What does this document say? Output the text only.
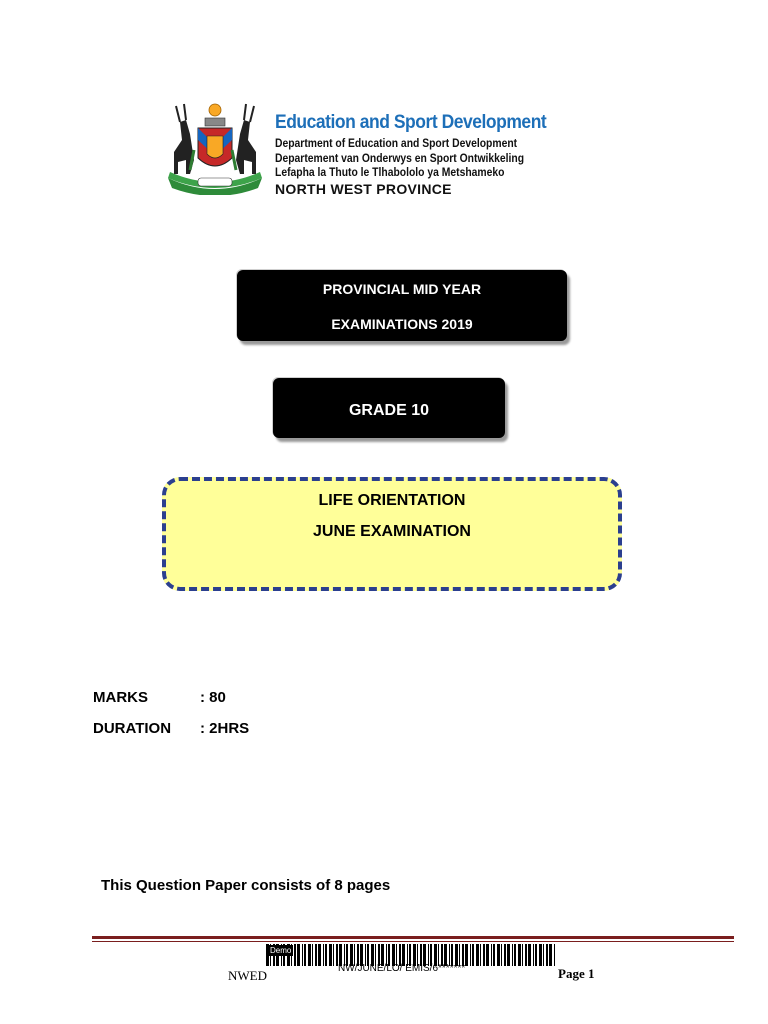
Education and Sport Development
Department of Education and Sport Development
Departement van Onderwys en Sport Ontwikkeling
Lefapha la Thuto le Tlhabololo ya Metshameko
NORTH WEST PROVINCE
PROVINCIAL MID YEAR
EXAMINATIONS 2019
GRADE 10
LIFE ORIENTATION
JUNE EXAMINATION
MARKS	: 80
DURATION : 2HRS
This Question Paper consists of 8 pages
Demo
NWED	NW/JUNE/LO/ EMIS/6*******	Page 1
